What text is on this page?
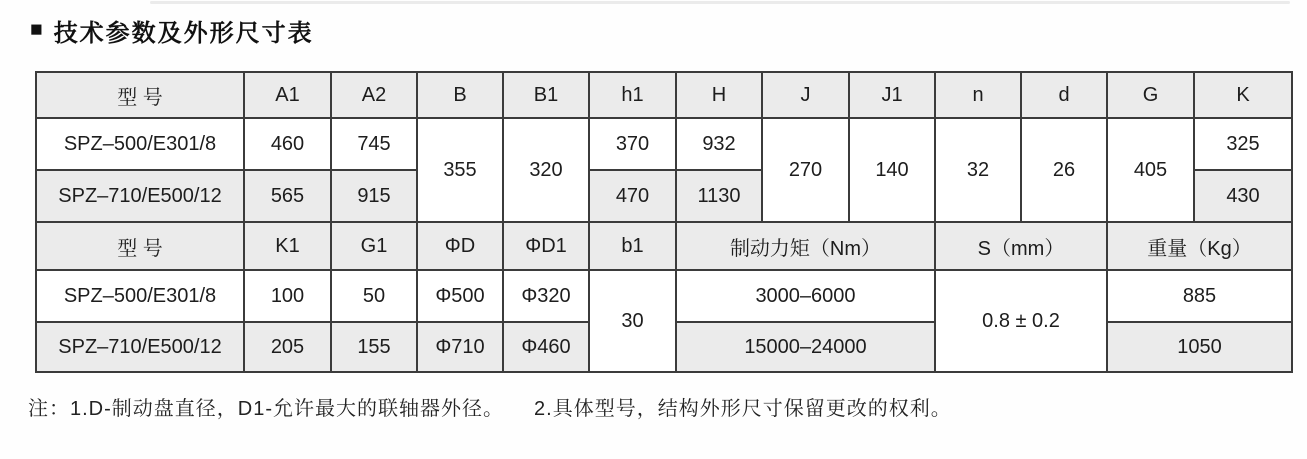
■ 技术参数及外形尺寸表
型 号	A1	A2	B	B1	h1	H	J	J1	n	d	G	K
SPZ–500/E301/8	460	745	355	320	370	932	270	140	32	26	405	325
SPZ–710/E500/12	565	915			470	1130						430
型 号	K1	G1	ΦD	ΦD1	b1	制动力矩（Nm）			S（mm）		重量（Kg）	
SPZ–500/E301/8	100	50	Φ500	Φ320	30	3000–6000			0.8 ± 0.2		885	
SPZ–710/E500/12	205	155	Φ710	Φ460		15000–24000					1050	
注：1.D-制动盘直径，D1-允许最大的联轴器外径。 2.具体型号，结构外形尺寸保留更改的权利。
